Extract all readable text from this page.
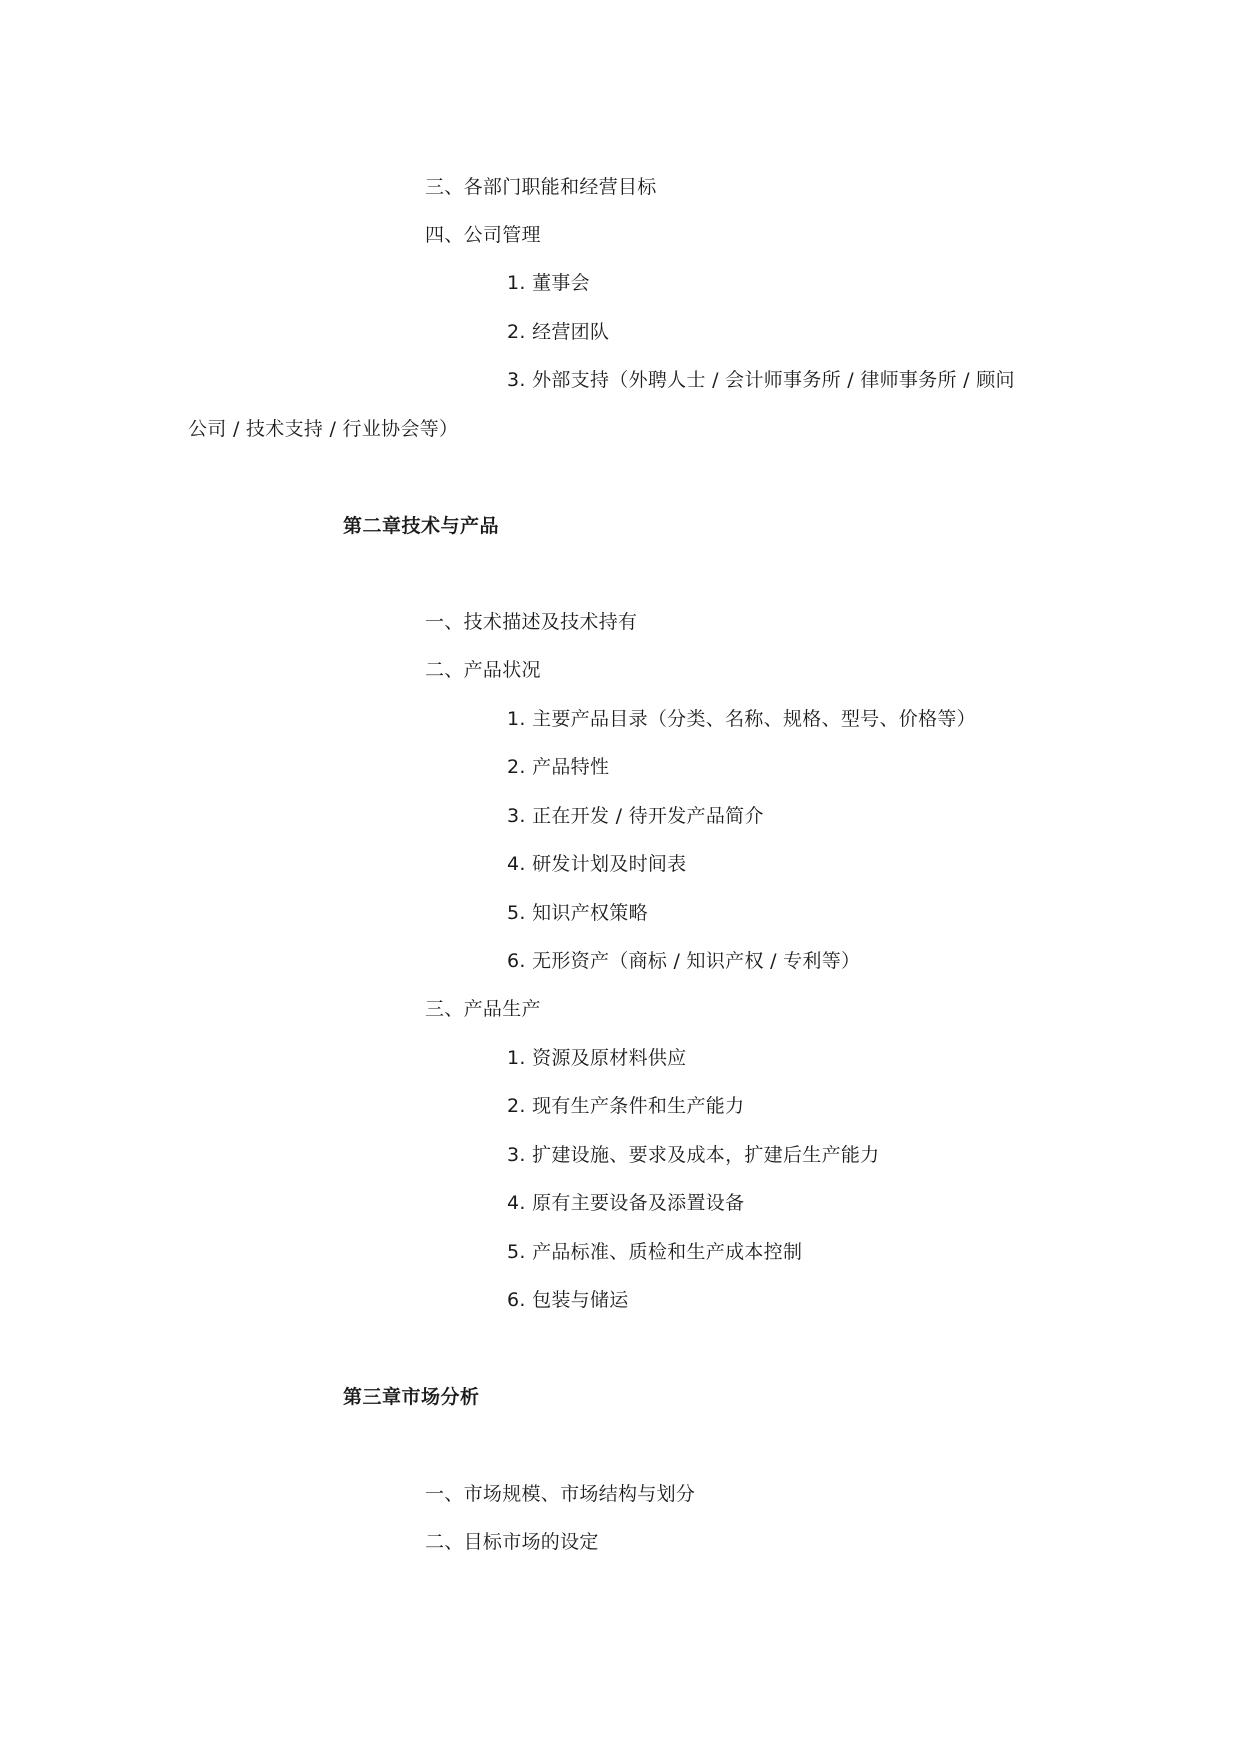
三、各部门职能和经营目标
四、公司管理
1. 董事会
2. 经营团队
3. 外部支持（外聘人士 / 会计师事务所 / 律师事务所 / 顾问
公司 / 技术支持 / 行业协会等）
第二章技术与产品
一、技术描述及技术持有
二、产品状况
1. 主要产品目录（分类、名称、规格、型号、价格等）
2. 产品特性
3. 正在开发 / 待开发产品简介
4. 研发计划及时间表
5. 知识产权策略
6. 无形资产（商标 / 知识产权 / 专利等）
三、产品生产
1. 资源及原材料供应
2. 现有生产条件和生产能力
3. 扩建设施、要求及成本，扩建后生产能力
4. 原有主要设备及添置设备
5. 产品标准、质检和生产成本控制
6. 包装与储运
第三章市场分析
一、市场规模、市场结构与划分
二、目标市场的设定
